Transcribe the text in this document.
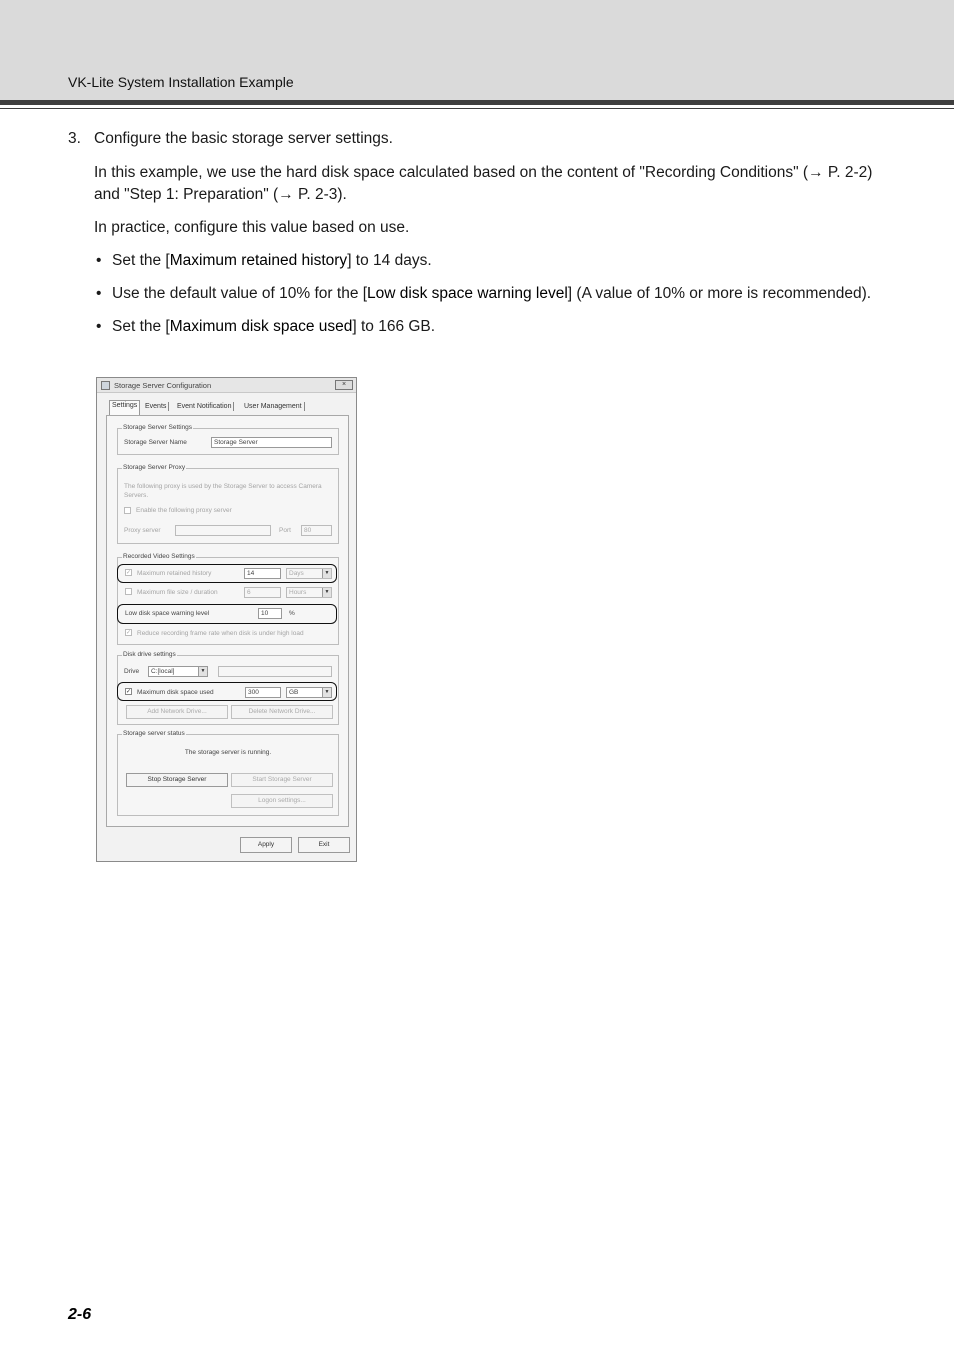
VK-Lite System Installation Example
3. Configure the basic storage server settings.

In this example, we use the hard disk space calculated based on the content of "Recording Conditions" (→ P. 2-2) and "Step 1: Preparation" (→ P. 2-3).

In practice, configure this value based on use.

• Set the [Maximum retained history] to 14 days.
• Use the default value of 10% for the [Low disk space warning level] (A value of 10% or more is recommended).
• Set the [Maximum disk space used] to 166 GB.
Storage Server Configuration	×
Settings	Events	Event Notification	User Management
Storage Server Settings
Storage Server Name	Storage Server
Storage Server Proxy
The following proxy is used by the Storage Server to access Camera Servers.
Enable the following proxy server
Proxy server	Port	80
Recorded Video Settings
✓ Maximum retained history	14	Days	▼
Maximum file size / duration	6	Hours	▼
Low disk space warning level	10	%
✓ Reduce recording frame rate when disk is under high load
Disk drive settings
Drive	C:[local]	▼
✓ Maximum disk space used	300	GB	▼
Add Network Drive...	Delete Network Drive...
Storage server status
The storage server is running.
Stop Storage Server	Start Storage Server
Logon settings...
Apply	Exit
2-6
